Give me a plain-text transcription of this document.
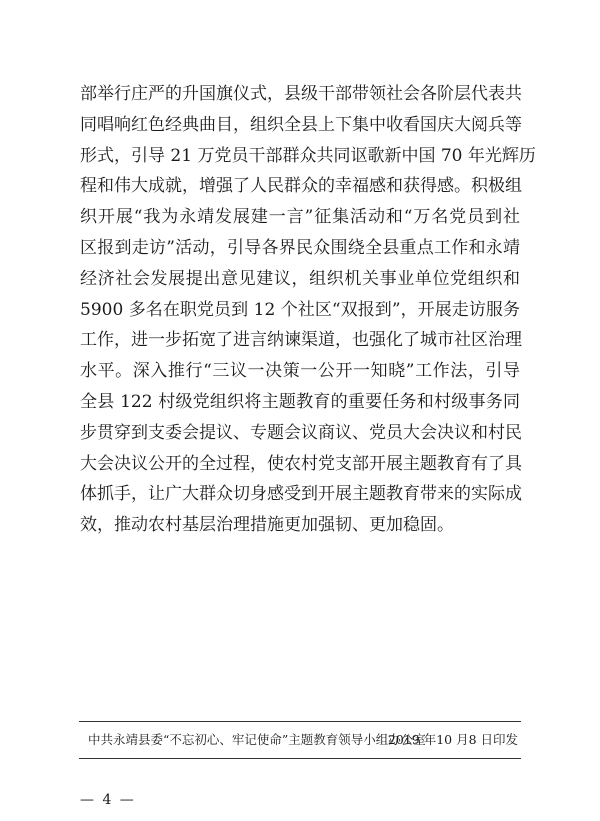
部举行庄严的升国旗仪式，县级干部带领社会各阶层代表共
同唱响红色经典曲目，组织全县上下集中收看国庆大阅兵等
形式，引导 21 万党员干部群众共同讴歌新中国 70 年光辉历
程和伟大成就，增强了人民群众的幸福感和获得感。积极组
织开展“我为永靖发展建一言”征集活动和“万名党员到社
区报到走访”活动，引导各界民众围绕全县重点工作和永靖
经济社会发展提出意见建议，组织机关事业单位党组织和
5900 多名在职党员到 12 个社区“双报到”，开展走访服务
工作，进一步拓宽了进言纳谏渠道，也强化了城市社区治理
水平。深入推行“三议一决策一公开一知晓”工作法，引导
全县 122 村级党组织将主题教育的重要任务和村级事务同
步贯穿到支委会提议、专题会议商议、党员大会决议和村民
大会决议公开的全过程，使农村党支部开展主题教育有了具
体抓手，让广大群众切身感受到开展主题教育带来的实际成
效，推动农村基层治理措施更加强韧、更加稳固。
中共永靖县委“不忘初心、牢记使命”主题教育领导小组办公室
2019 年10 月8 日印发
— 4 —
